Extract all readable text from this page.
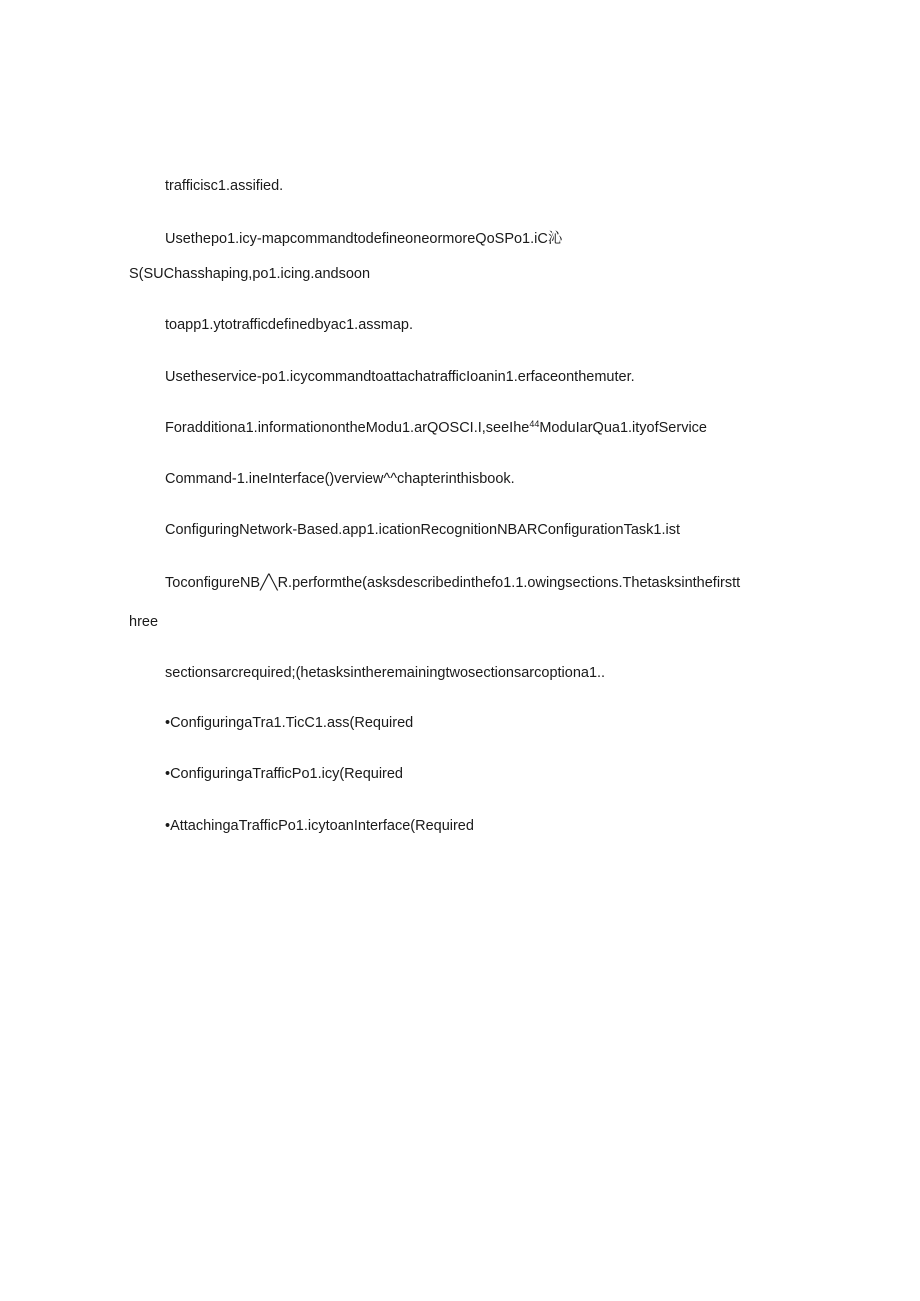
trafficisc1.assified.
Usethepo1.icy-mapcommandtodefineoneormoreQoSPo1.iC沁
S(SUChasshaping,po1.icing.andsoon
toapp1.ytotrafficdefinedbyac1.assmap.
Usetheservice-po1.icycommandtoattachatrafficIoanin1.erfaceonthemuter.
Foradditiona1.informationontheModu1.arQOSCI.I,seeIhe$^{44}$ModuIarQua1.ityofService
Command-1.ineInterface()verview^^chapterinthisbook.
ConfiguringNetwork-Based.app1.icationRecognitionNBARConfigurationTask1.ist
ToconfigureNB╱╲R.performthe(asksdescribedinthefo1.1.owingsections.Thetasksinthefirstt
hree
sectionsarcrequired;(hetasksintheremainingtwosectionsarcoptiona1..
•ConfiguringaTra1.TicC1.ass(Required
•ConfiguringaTrafficPo1.icy(Required
•AttachingaTrafficPo1.icytoanInterface(Required
